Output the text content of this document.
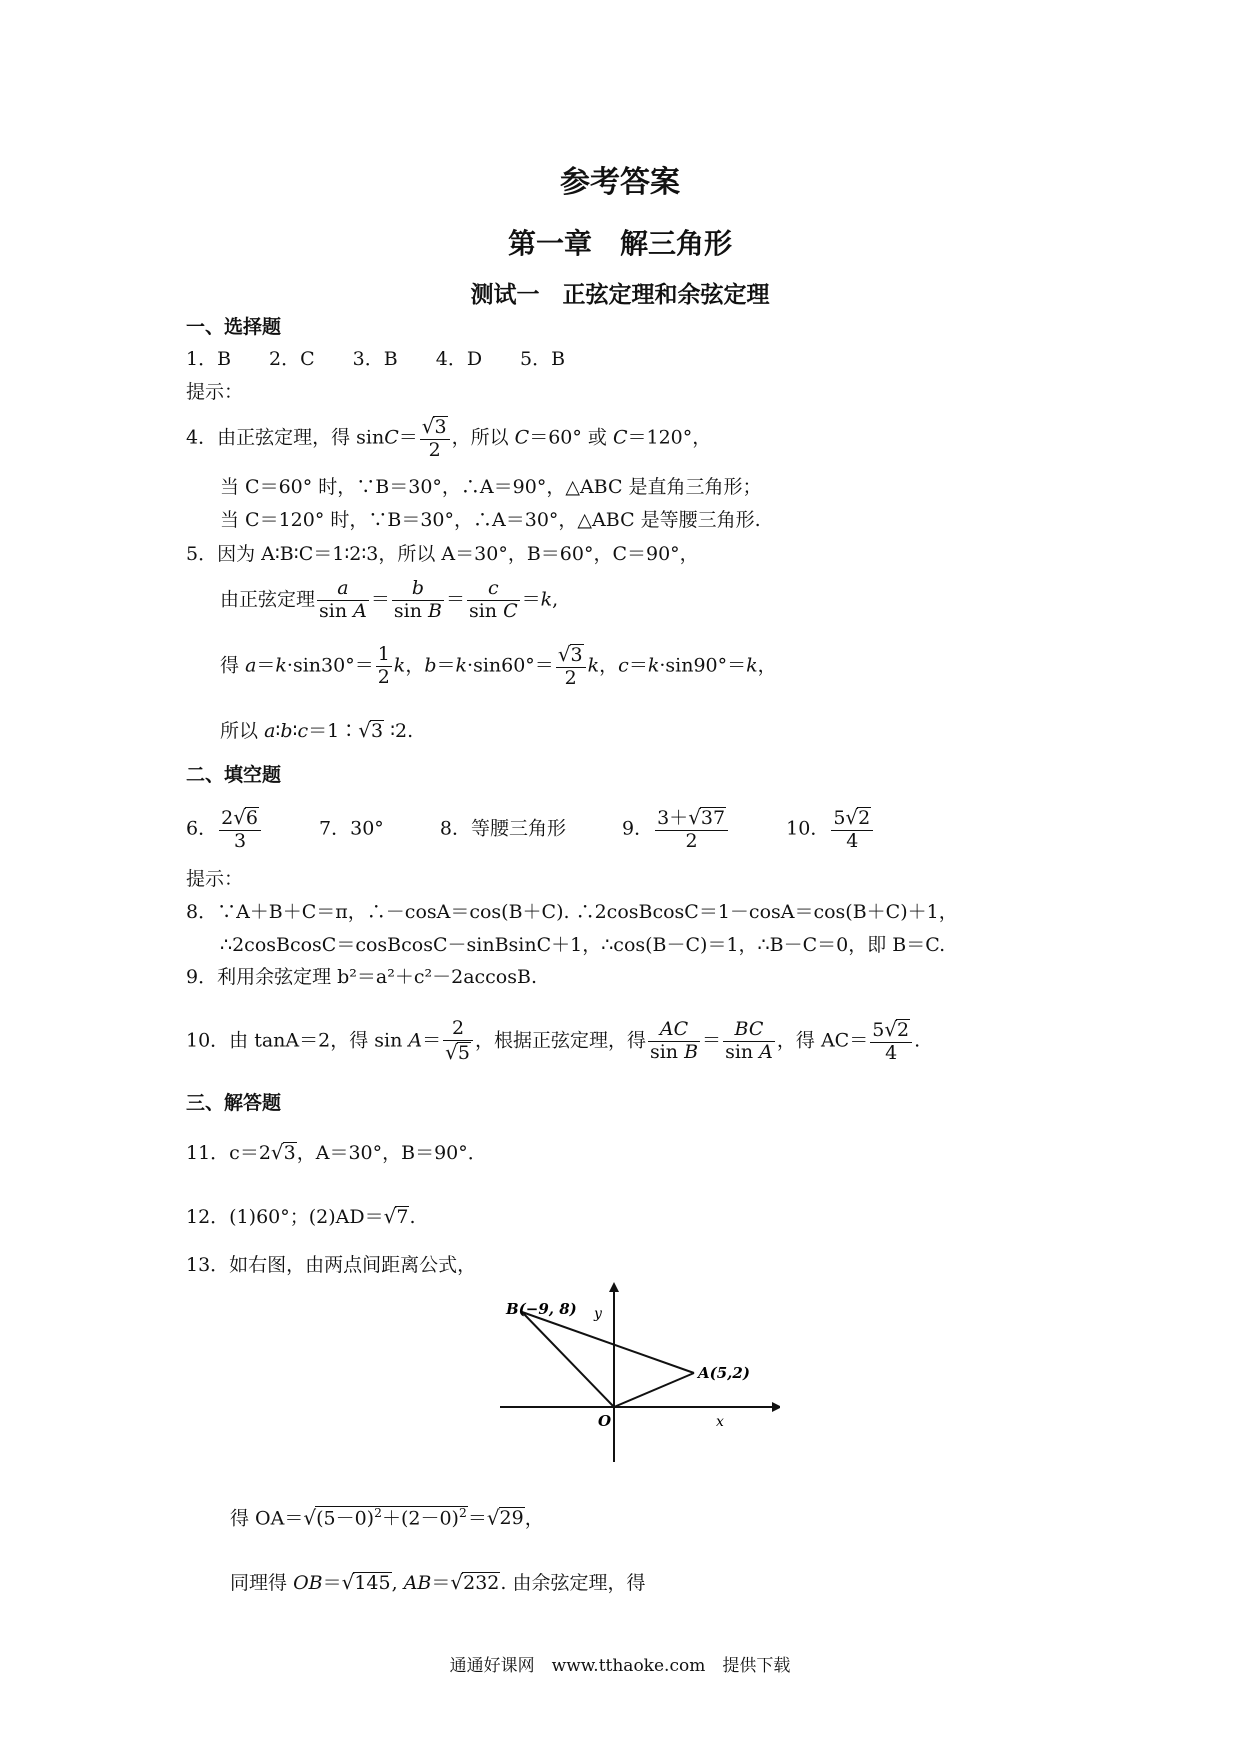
参考答案
第一章　解三角形
测试一　正弦定理和余弦定理
一、选择题
1．B　　2．C　　3．B　　4．D　　5．B
提示：
4．由正弦定理，得 $\sin C= \frac{√3}{2}$ ，所以 C＝60° 或 C＝120°，
当 C＝60° 时，∵B＝30°，∴A＝90°，△ABC 是直角三角形；
当 C＝120° 时，∵B＝30°，∴A＝30°，△ABC 是等腰三角形.
5．因为 A∶B∶C＝1∶2∶3，所以 A＝30°，B＝60°，C＝90°，
由正弦定理 $\frac{a}{\text{sin A}} = \frac{b}{\text{sin B}} = \frac{c}{\text{sin C}} =k$,
得 $a=k\cdot\sin 30^\circ= \frac{1}{2}$ k，$b=k\cdot\sin 60^\circ= \frac{√3}{2}$ k，c＝k·sin90°＝k，
所以 a∶b∶c＝1∶√3 ∶2.
二、填空题
6． $\frac{2√6}{3}$	7．30°	8．等腰三角形	9． $\frac{3+√37}{2}$	10． $\frac{5√2}{4}$
提示：
8．∵A＋B＋C＝π，∴－cosA＝cos(B＋C). ∴2cosBcosC＝1－cosA＝cos(B＋C)＋1，
∴2cosBcosC＝cosBcosC－sinBsinC＋1，∴cos(B－C)＝1，∴B－C＝0，即 B＝C.
9．利用余弦定理 b²＝a²＋c²－2accosB.
10．由 tanA＝2，得 $\sin A= \frac{2}{√5}$ ，根据正弦定理，得 $\frac{AC}{\text{sin B}} = \frac{BC}{\text{sin A}}$ ，得 $AC= \frac{5√2}{4}$ .
三、解答题
11．c＝2√3，A＝30°，B＝90°．
12．(1)60°；(2)AD＝√7.
13．如右图，由两点间距离公式，
B(−9, 8)
A(5,2)
O	x
y
得 $OA=√(5-0)^2+(2-0)^2=√29$，
同理得 OB＝√145, AB＝√232. 由余弦定理，得
通通好课网　www.tthaoke.com　提供下载
